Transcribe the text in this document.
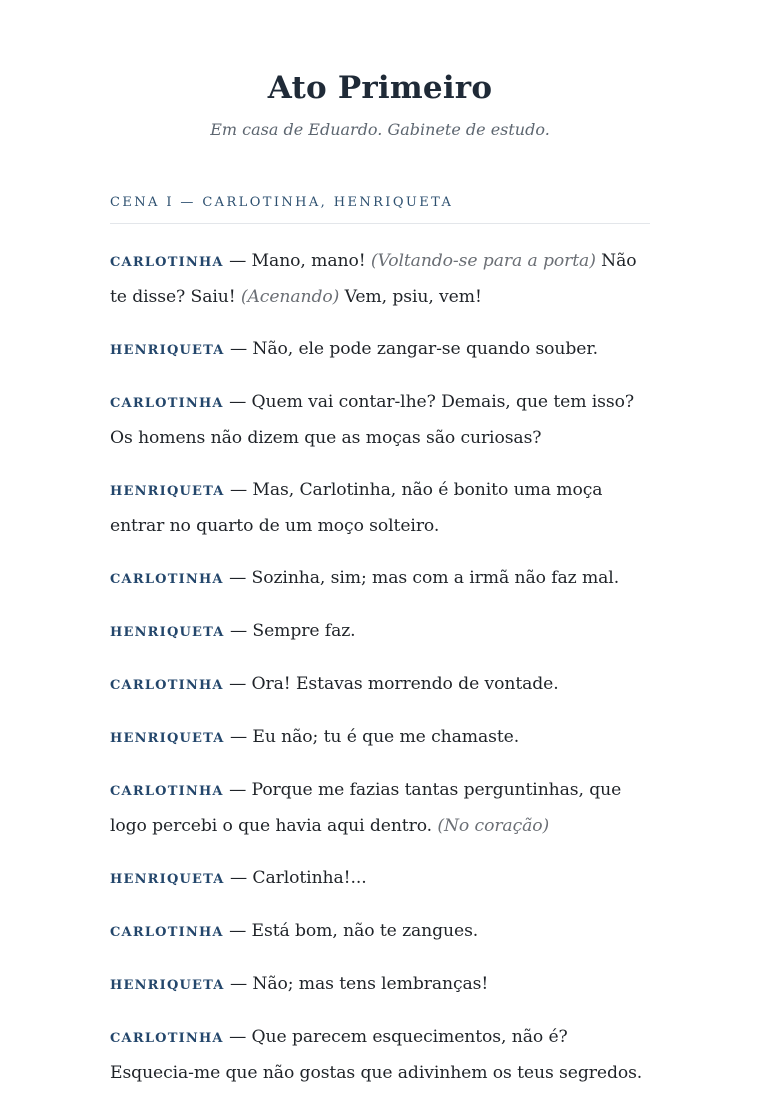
Ato Primeiro
Em casa de Eduardo. Gabinete de estudo.
CENA I — CARLOTINHA, HENRIQUETA

CARLOTINHA — Mano, mano! (Voltando-se para a porta) Não te disse? Saiu! (Acenando) Vem, psiu, vem!

HENRIQUETA — Não, ele pode zangar-se quando souber.

CARLOTINHA — Quem vai contar-lhe? Demais, que tem isso? Os homens não dizem que as moças são curiosas?

HENRIQUETA — Mas, Carlotinha, não é bonito uma moça entrar no quarto de um moço solteiro.

CARLOTINHA — Sozinha, sim; mas com a irmã não faz mal.

HENRIQUETA — Sempre faz.

CARLOTINHA — Ora! Estavas morrendo de vontade.

HENRIQUETA — Eu não; tu é que me chamaste.

CARLOTINHA — Porque me fazias tantas perguntinhas, que logo percebi o que havia aqui dentro. (No coração)

HENRIQUETA — Carlotinha!...

CARLOTINHA — Está bom, não te zangues.

HENRIQUETA — Não; mas tens lembranças!

CARLOTINHA — Que parecem esquecimentos, não é? Esquecia-me que não gostas que adivinhem os teus segredos.
